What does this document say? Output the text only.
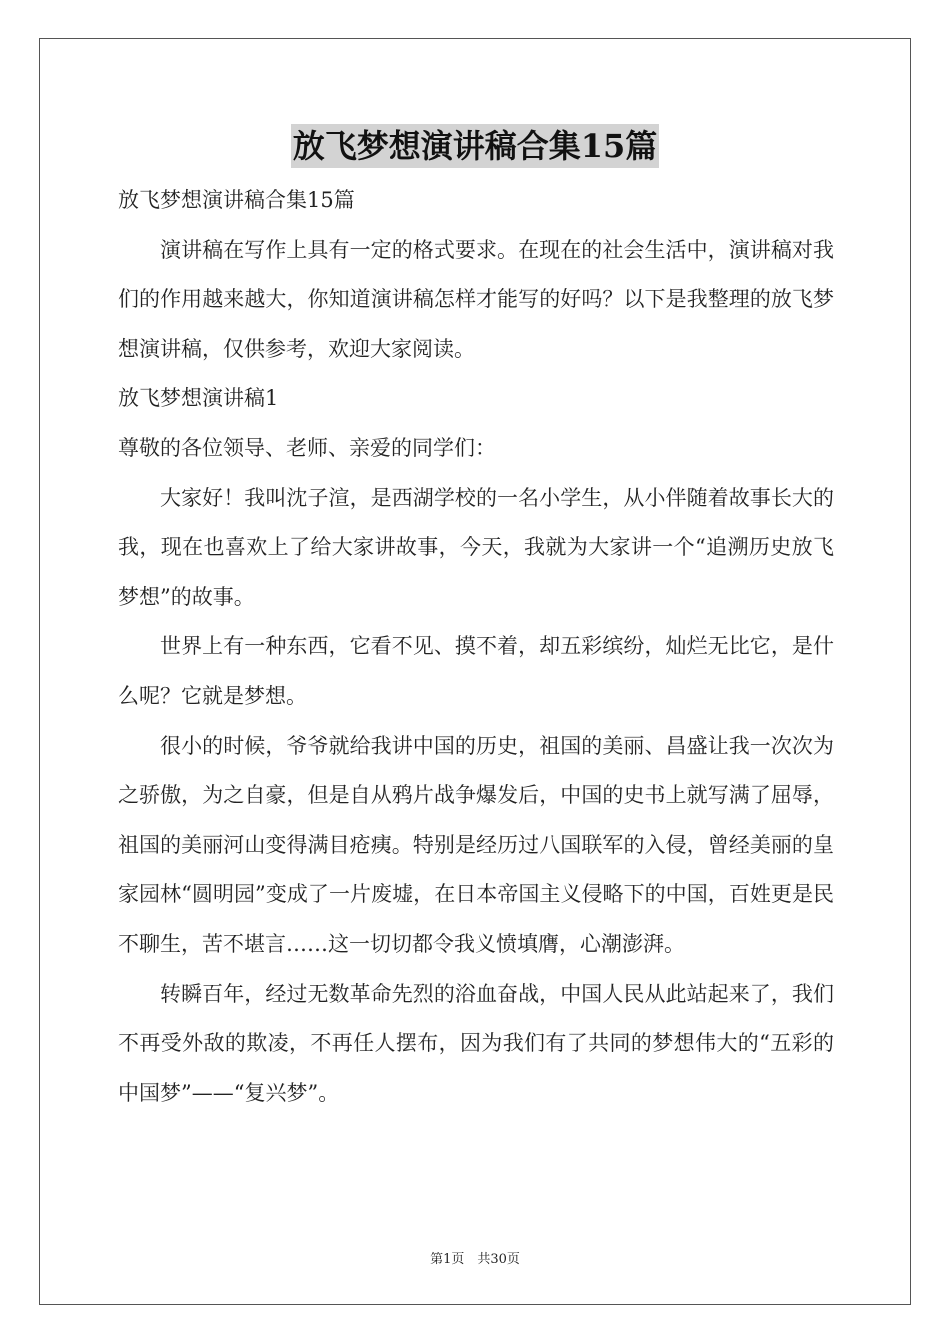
放飞梦想演讲稿合集15篇
放飞梦想演讲稿合集15篇
演讲稿在写作上具有一定的格式要求。在现在的社会生活中，演讲稿对我们的作用越来越大，你知道演讲稿怎样才能写的好吗？以下是我整理的放飞梦想演讲稿，仅供参考，欢迎大家阅读。
放飞梦想演讲稿1
尊敬的各位领导、老师、亲爱的同学们：
大家好！我叫沈子渲，是西湖学校的一名小学生，从小伴随着故事长大的我，现在也喜欢上了给大家讲故事，今天，我就为大家讲一个“追溯历史放飞梦想”的故事。
世界上有一种东西，它看不见、摸不着，却五彩缤纷，灿烂无比它，是什么呢？它就是梦想。
很小的时候，爷爷就给我讲中国的历史，祖国的美丽、昌盛让我一次次为之骄傲，为之自豪，但是自从鸦片战争爆发后，中国的史书上就写满了屈辱，祖国的美丽河山变得满目疮痍。特别是经历过八国联军的入侵，曾经美丽的皇家园林“圆明园”变成了一片废墟，在日本帝国主义侵略下的中国，百姓更是民不聊生，苦不堪言……这一切切都令我义愤填膺，心潮澎湃。
转瞬百年，经过无数革命先烈的浴血奋战，中国人民从此站起来了，我们不再受外敌的欺凌，不再任人摆布，因为我们有了共同的梦想伟大的“五彩的中国梦”——“复兴梦”。
第1页　共30页
